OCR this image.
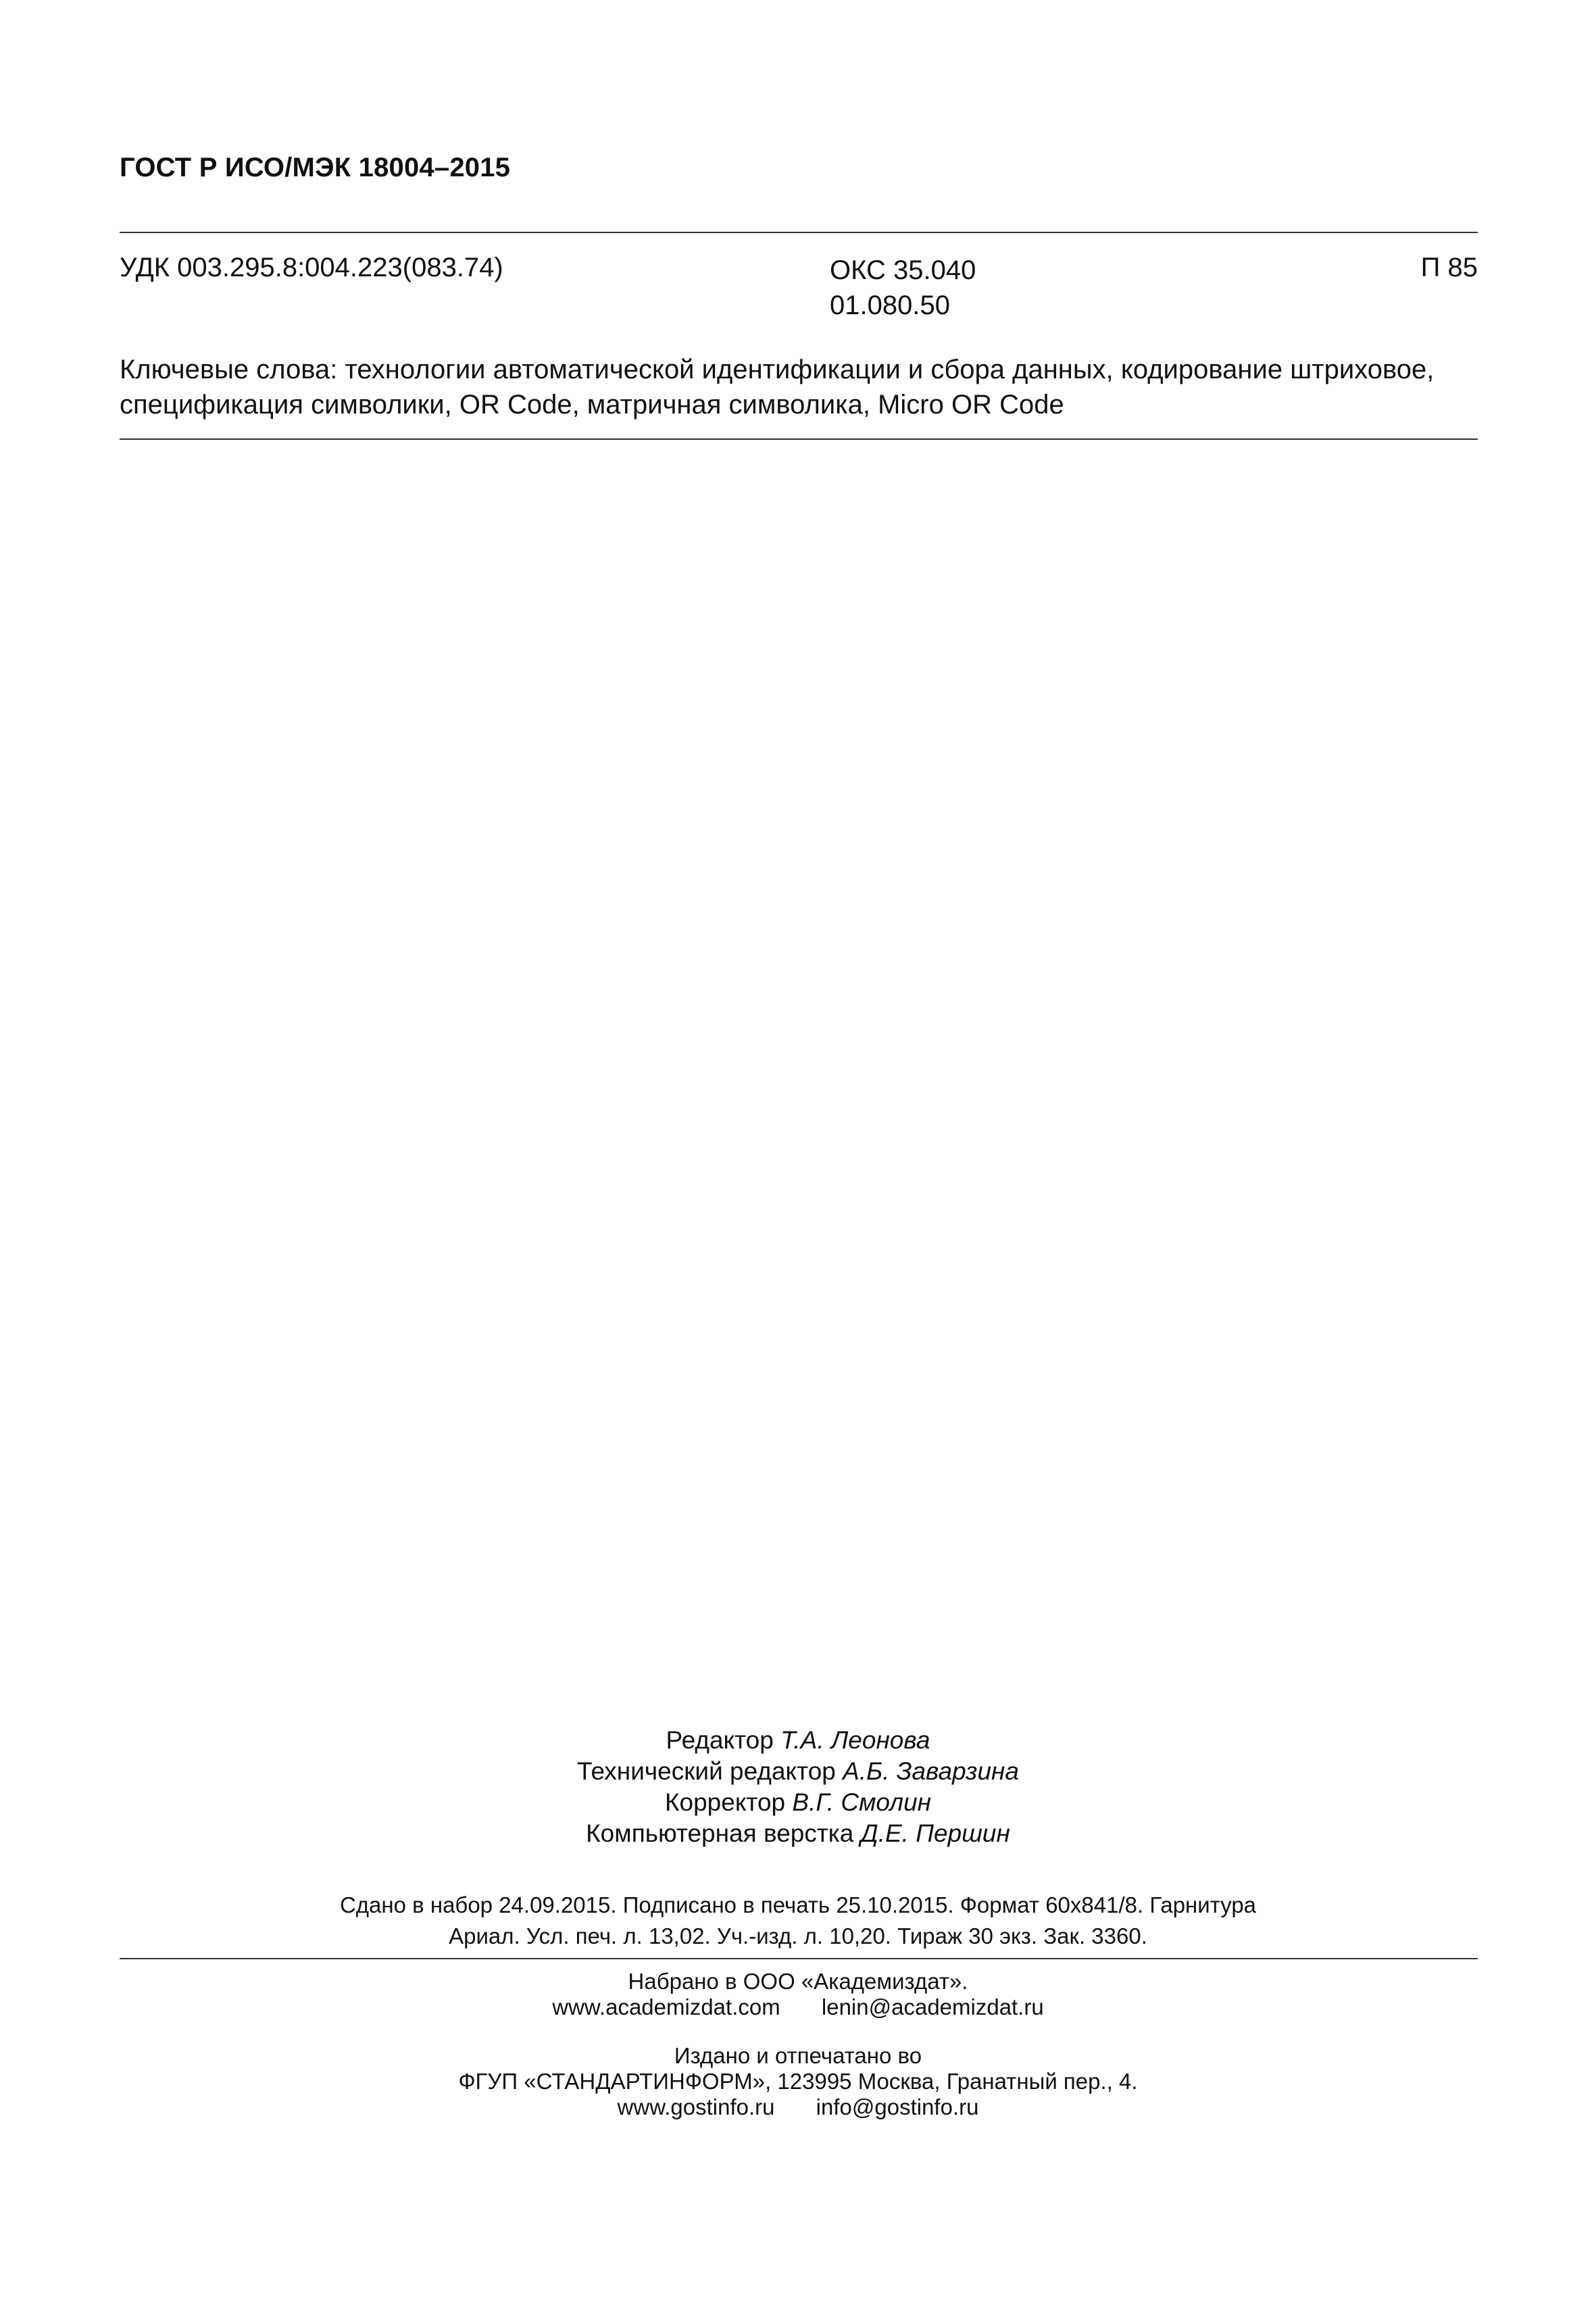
ГОСТ Р ИСО/МЭК 18004–2015
УДК 003.295.8:004.223(083.74)	ОКС 35.040
01.080.50
П 85
Ключевые слова: технологии автоматической идентификации и сбора данных, кодирование штриховое,
спецификация символики, OR Code, матричная символика, Micro OR Code
Редактор Т.А. Леонова
Технический редактор А.Б. Заварзина
Корректор В.Г. Смолин
Компьютерная верстка Д.Е. Першин
Сдано в набор 24.09.2015. Подписано в печать 25.10.2015. Формат 60х841/8. Гарнитура
Ариал. Усл. печ. л. 13,02. Уч.-изд. л. 10,20. Тираж 30 экз. Зак. 3360.
Набрано в ООО «Академиздат».
www.academizdat.com lenin@academizdat.ru
Издано и отпечатано во
ФГУП «СТАНДАРТИНФОРМ», 123995 Москва, Гранатный пер., 4.
www.gostinfo.ru info@gostinfo.ru
